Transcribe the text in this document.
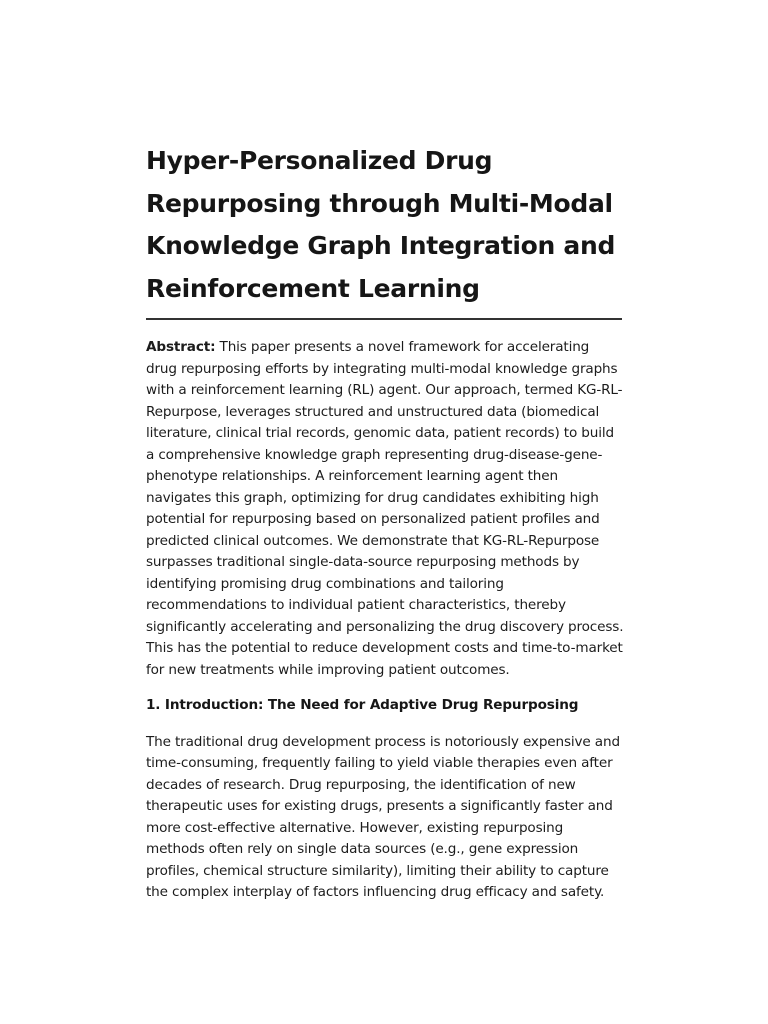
Hyper-Personalized Drug Repurposing through Multi-Modal Knowledge Graph Integration and Reinforcement Learning

Abstract: This paper presents a novel framework for accelerating drug repurposing efforts by integrating multi-modal knowledge graphs with a reinforcement learning (RL) agent. Our approach, termed KG-RL-Repurpose, leverages structured and unstructured data (biomedical literature, clinical trial records, genomic data, patient records) to build a comprehensive knowledge graph representing drug-disease-gene-phenotype relationships. A reinforcement learning agent then navigates this graph, optimizing for drug candidates exhibiting high potential for repurposing based on personalized patient profiles and predicted clinical outcomes. We demonstrate that KG-RL-Repurpose surpasses traditional single-data-source repurposing methods by identifying promising drug combinations and tailoring recommendations to individual patient characteristics, thereby significantly accelerating and personalizing the drug discovery process. This has the potential to reduce development costs and time-to-market for new treatments while improving patient outcomes.

1. Introduction: The Need for Adaptive Drug Repurposing

The traditional drug development process is notoriously expensive and time-consuming, frequently failing to yield viable therapies even after decades of research. Drug repurposing, the identification of new therapeutic uses for existing drugs, presents a significantly faster and more cost-effective alternative. However, existing repurposing methods often rely on single data sources (e.g., gene expression profiles, chemical structure similarity), limiting their ability to capture the complex interplay of factors influencing drug efficacy and safety.
